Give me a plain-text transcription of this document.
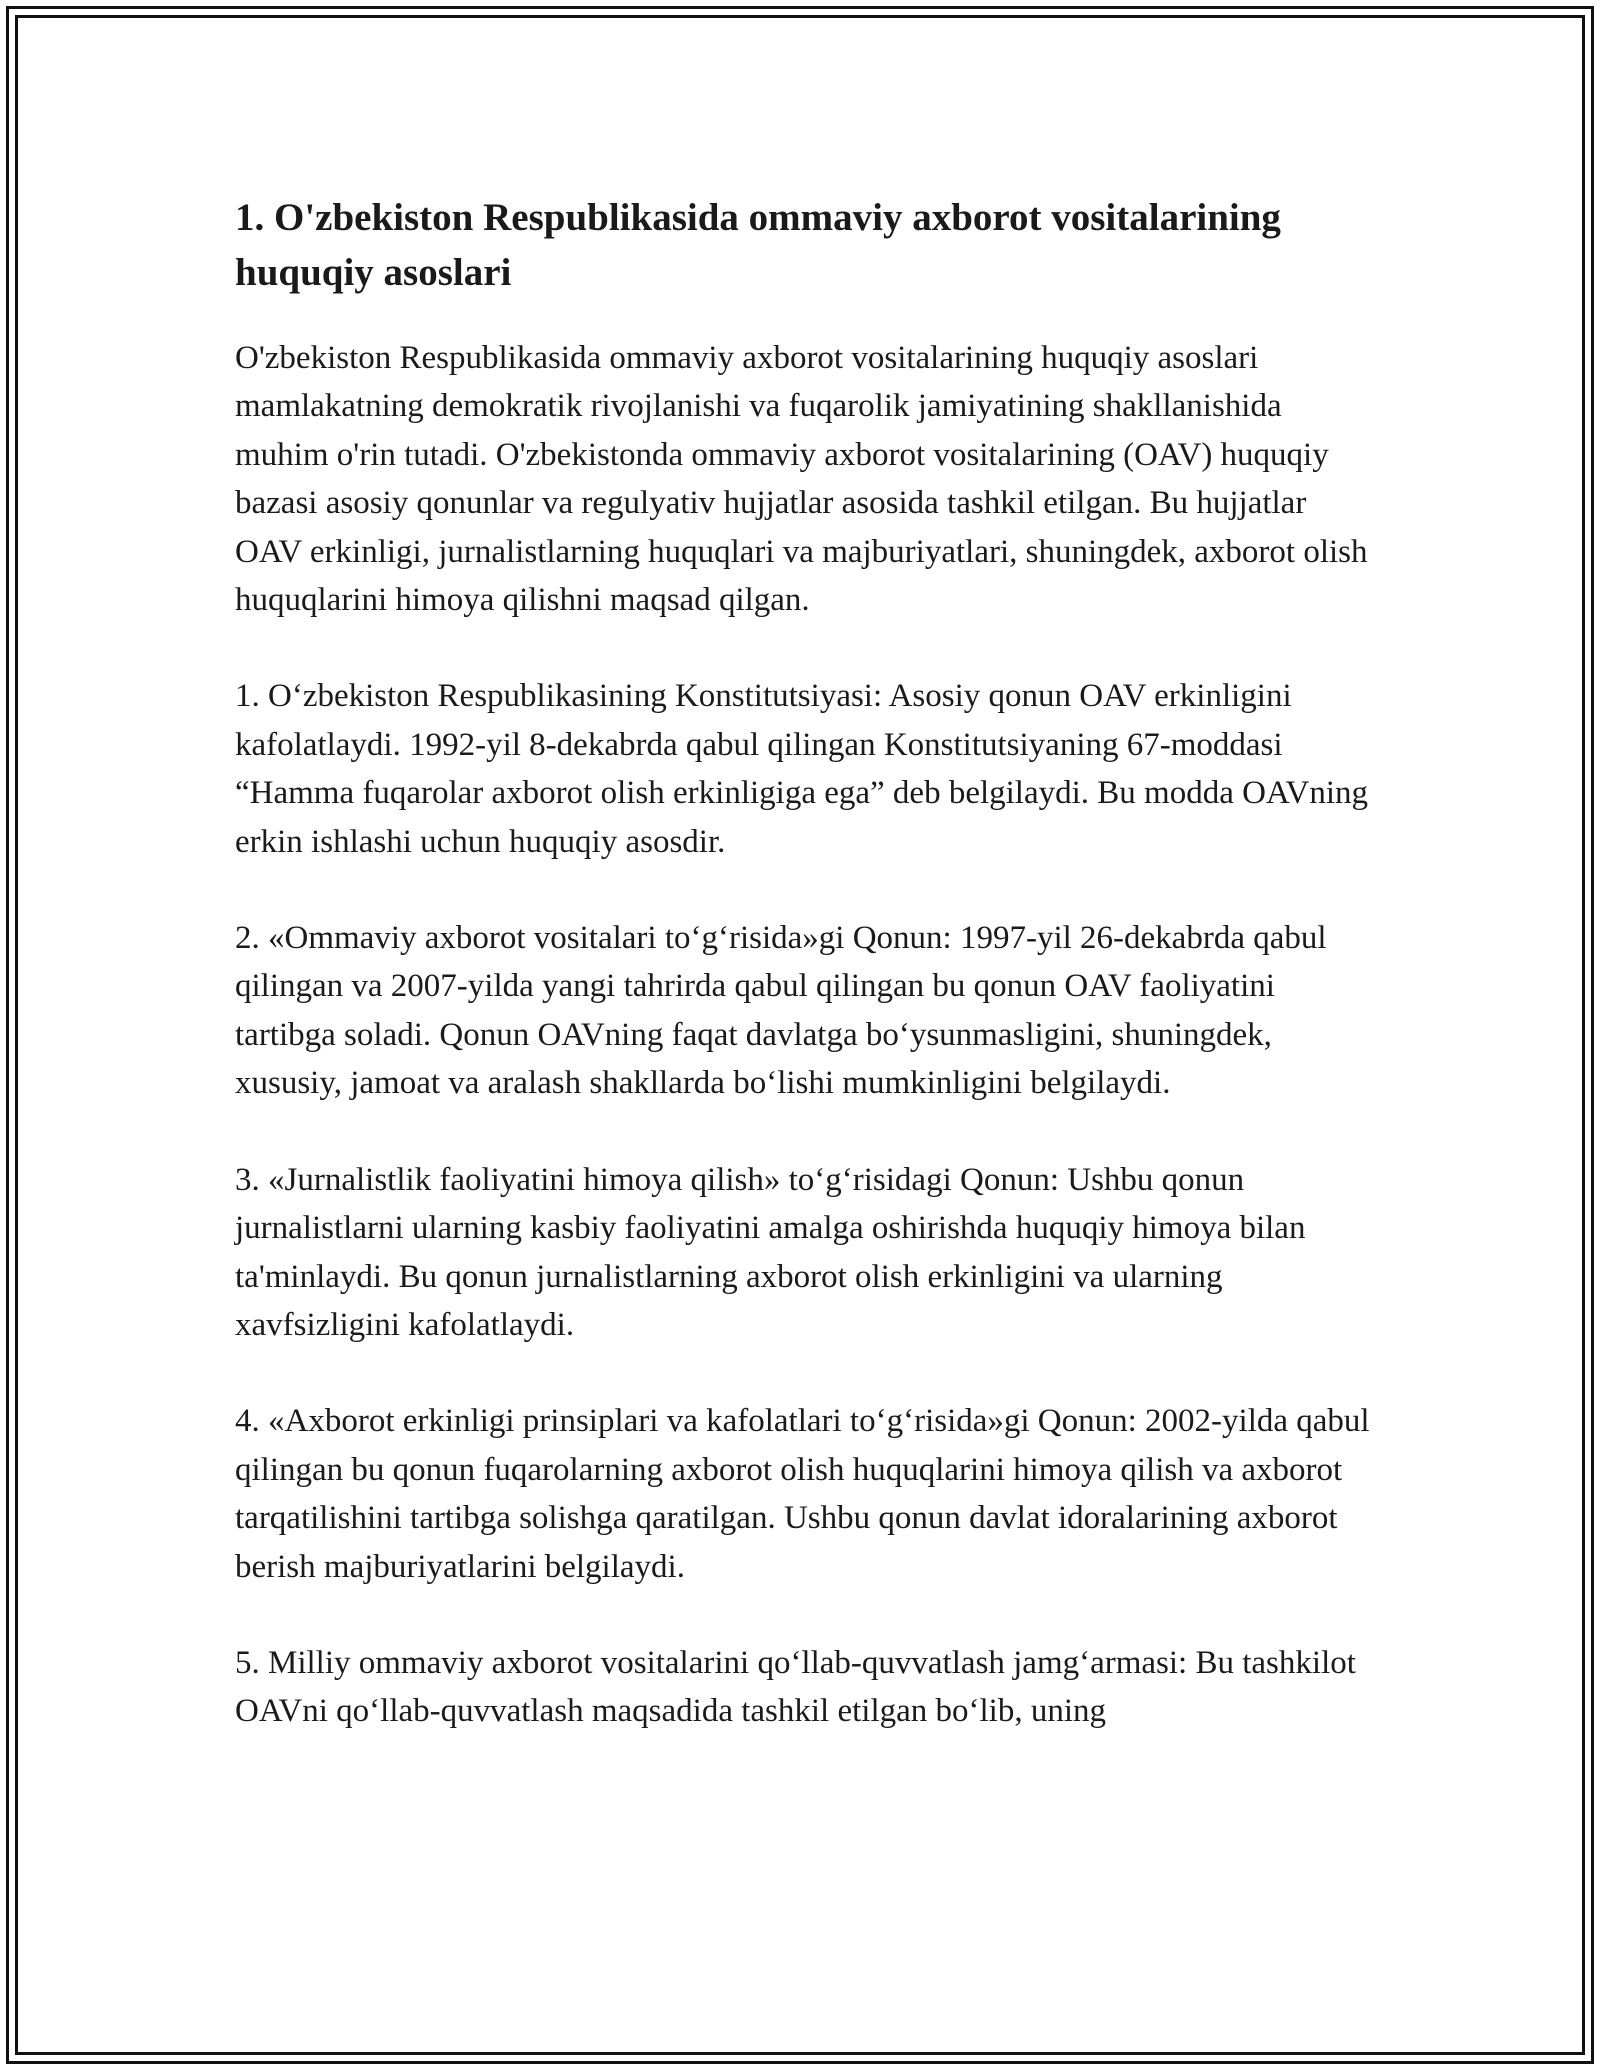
1. O'zbekiston Respublikasida ommaviy axborot vositalarining huquqiy asoslari

O'zbekiston Respublikasida ommaviy axborot vositalarining huquqiy asoslari mamlakatning demokratik rivojlanishi va fuqarolik jamiyatining shakllanishida muhim o'rin tutadi. O'zbekistonda ommaviy axborot vositalarining (OAV) huquqiy bazasi asosiy qonunlar va regulyativ hujjatlar asosida tashkil etilgan. Bu hujjatlar OAV erkinligi, jurnalistlarning huquqlari va majburiyatlari, shuningdek, axborot olish huquqlarini himoya qilishni maqsad qilgan.

1. O‘zbekiston Respublikasining Konstitutsiyasi: Asosiy qonun OAV erkinligini kafolatlaydi. 1992-yil 8-dekabrda qabul qilingan Konstitutsiyaning 67-moddasi “Hamma fuqarolar axborot olish erkinligiga ega” deb belgilaydi. Bu modda OAVning erkin ishlashi uchun huquqiy asosdir.

2. «Ommaviy axborot vositalari to‘g‘risida»gi Qonun: 1997-yil 26-dekabrda qabul qilingan va 2007-yilda yangi tahrirda qabul qilingan bu qonun OAV faoliyatini tartibga soladi. Qonun OAVning faqat davlatga bo‘ysunmasligini, shuningdek, xususiy, jamoat va aralash shakllarda bo‘lishi mumkinligini belgilaydi.

3. «Jurnalistlik faoliyatini himoya qilish» to‘g‘risidagi Qonun: Ushbu qonun jurnalistlarni ularning kasbiy faoliyatini amalga oshirishda huquqiy himoya bilan ta'minlaydi. Bu qonun jurnalistlarning axborot olish erkinligini va ularning xavfsizligini kafolatlaydi.

4. «Axborot erkinligi prinsiplari va kafolatlari to‘g‘risida»gi Qonun: 2002-yilda qabul qilingan bu qonun fuqarolarning axborot olish huquqlarini himoya qilish va axborot tarqatilishini tartibga solishga qaratilgan. Ushbu qonun davlat idoralarining axborot berish majburiyatlarini belgilaydi.

5. Milliy ommaviy axborot vositalarini qo‘llab-quvvatlash jamg‘armasi: Bu tashkilot OAVni qo‘llab-quvvatlash maqsadida tashkil etilgan bo‘lib, uning
